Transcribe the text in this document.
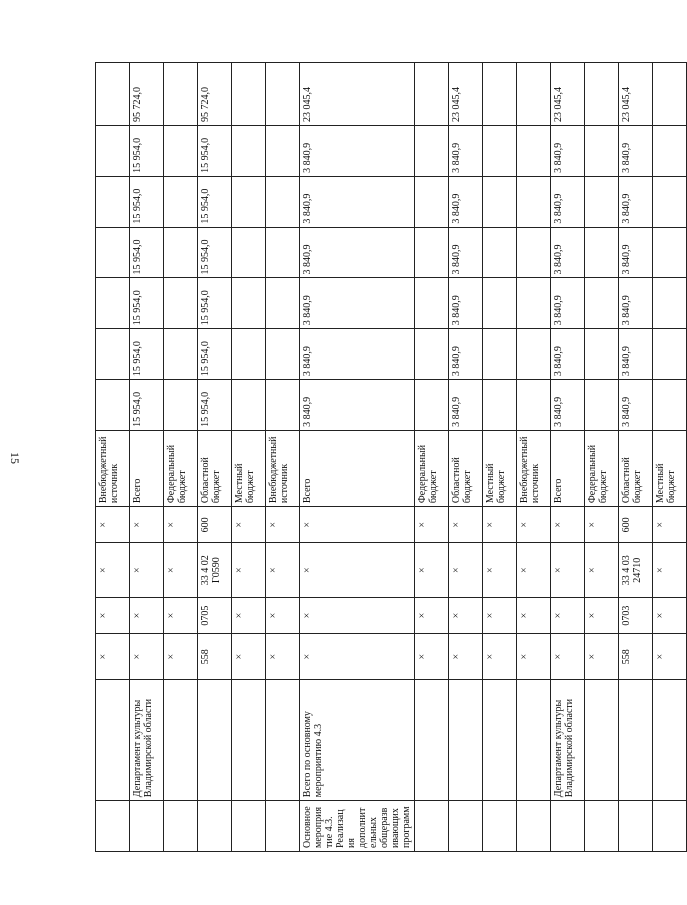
15
		×	×	×	×	Внебюджетный источник							
	Департамент культуры Владимирской области	×	×	×	×	Всего	15 954,0	15 954,0	15 954,0	15 954,0	15 954,0	15 954,0	95 724,0
		×	×	×	×	Федеральный бюджет							
		558	0705	33 4 02 Г0590	600	Областной бюджет	15 954,0	15 954,0	15 954,0	15 954,0	15 954,0	15 954,0	95 724,0
		×	×	×	×	Местный бюджет							
		×	×	×	×	Внебюджетный источник							
Основное мероприятие 4.3. Реализация дополнительных общеразвивающих программ	Всего по основному мероприятию 4.3	×	×	×	×	Всего	3 840,9	3 840,9	3 840,9	3 840,9	3 840,9	3 840,9	23 045,4
		×	×	×	×	Федеральный бюджет							
		×	×	×	×	Областной бюджет	3 840,9	3 840,9	3 840,9	3 840,9	3 840,9	3 840,9	23 045,4
		×	×	×	×	Местный бюджет							
		×	×	×	×	Внебюджетный источник							
	Департамент культуры Владимирской области	×	×	×	×	Всего	3 840,9	3 840,9	3 840,9	3 840,9	3 840,9	3 840,9	23 045,4
		×	×	×	×	Федеральный бюджет							
		558	0703	33 4 03 24710	600	Областной бюджет	3 840,9	3 840,9	3 840,9	3 840,9	3 840,9	3 840,9	23 045,4
		×	×	×	×	Местный бюджет							
